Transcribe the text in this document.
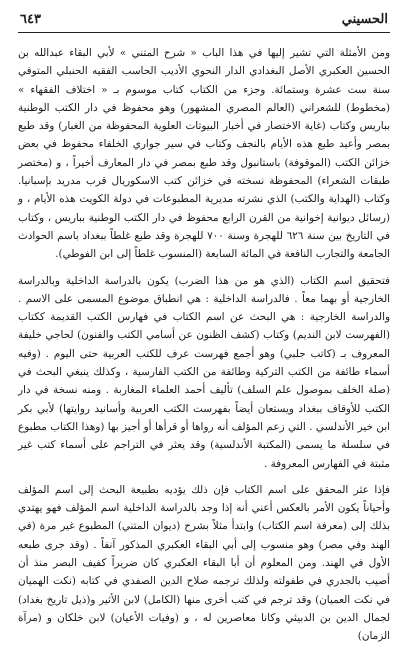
الحسيني
٦٤٣

ومن الأمثلة التي تشير إليها في هذا الباب « شرح المتني » لأبي البقاء عبدالله بن الحسين العكبري الأصل البغدادي الدار النحوي الأديب الحاسب الفقيه الحنبلي المتوفي سنة ست عشرة وستمائة. وجزء من الكتاب كتاب موسوم بـ « اختلاف الفقهاء » (مخطوط) للشعراني (العالم المصري المشهور) وهو محفوظ في دار الكتب الوطنية بباريس وكتاب (غاية الاختصار في أخبار البيوتات العلوية المحفوظة من الغبار) وقد طبع بمصر وأعيد طبع هذه الأيام بالنجف وكتاب في سير جواري الخلفاء محفوظ في بعض خزائن الكتب (الموقوفة) باستانبول وقد طبع بمصر في دار المعارف أخيراً ، و (مختصر طبقات الشعراء) المحفوظة نسخته في خزائن كتب الاسكوريال قرب مدريد بإسبانيا. وكتاب (الهداية والكتب) الذي نشرته مديرية المطبوعات في دولة الكويت هذه الأيام ، و (رسائل ديوانية إخوانية من القرن الرابع محفوظ في دار الكتب الوطنية بباريس ، وكتاب في التاريخ بين سنة ٦٢٦ للهجرة وسنة ٧٠٠ للهجرة وقد طبع غلطاً ببغداد باسم الحوادث الجامعة والتجارب النافعة في المائة السابعة (المنسوب غلطاً إلى ابن الفوطي).

فتحقيق اسم الكتاب (الذي هو من هذا الضرب) يكون بالدراسة الداخلية وبالدراسة الخارجية أو بهما معاً . فالدراسة الداخلية : هي انطباق موضوع المسمى على الاسم . والدراسة الخارجية : هي البحث عن اسم الكتاب في فهارس الكتب القديمة ككتاب (الفهرست لابن النديم) وكتاب (كشف الظنون عن أسامي الكتب والفنون) لحاجي خليفة المعروف بـ (كاتب جلبي) وهو أجمع فهرست عرف للكتب العربية حتى اليوم . (وفيه أسماء طائفة من الكتب التركية وطائفة من الكتب الفارسية ، وكذلك ينبغي البحث في (صلة الخلف بموصول علم السلف) تأليف أحمد العلماء المغاربة . ومنه نسخة في دار الكتب للأوقاف ببغداد ويستعان أيضاً بفهرست الكتب العربية وأسانيد روايتها) لأبي بكر ابن خير الأندلسي . التي زعم المؤلف أنه رواها أو قرأها أو أجيز بها (وهذا الكتاب مطبوع في سلسلة ما يسمى (المكتبة الأندلسية) وقد يعثر في التراجم على أسماء كتب غير مثبتة في الفهارس المعروفة .

فإذا عثر المحقق على اسم الكتاب فإن ذلك يؤديه بطبيعة البحث إلى اسم المؤلف وأحياناً يكون الأمر بالعكس أعني أنه إذا وجد بالدراسة الداخلية اسم المؤلف فهو يهتدي بذلك إلى (معرفة اسم الكتاب) وابتدأ مثلاً بشرح (ديوان المتني) المطبوع غير مرة (في الهند وفي مصر) وهو منسوب إلى أبي البقاء العكبري المذكور آنفاً . (وقد جرى طبعه الأول في الهند. ومن المعلوم أن أبا البقاء العكبري كان ضريراً كفيف البصر منذ أن أصيب بالجدري في طفولته ولذلك ترجمه صلاح الدين الصفدي في كتابه (نكت الهميان في نكت العميان) وقد ترجم في كتب أخرى منها (الكامل) لابن الأثير و(ذيل تاريخ بغداد) لجمال الدين بن الدبيثي وكانا معاصرين له ، و (وفيات الأعيان) لابن خلكان و (مرآة الزمان)
